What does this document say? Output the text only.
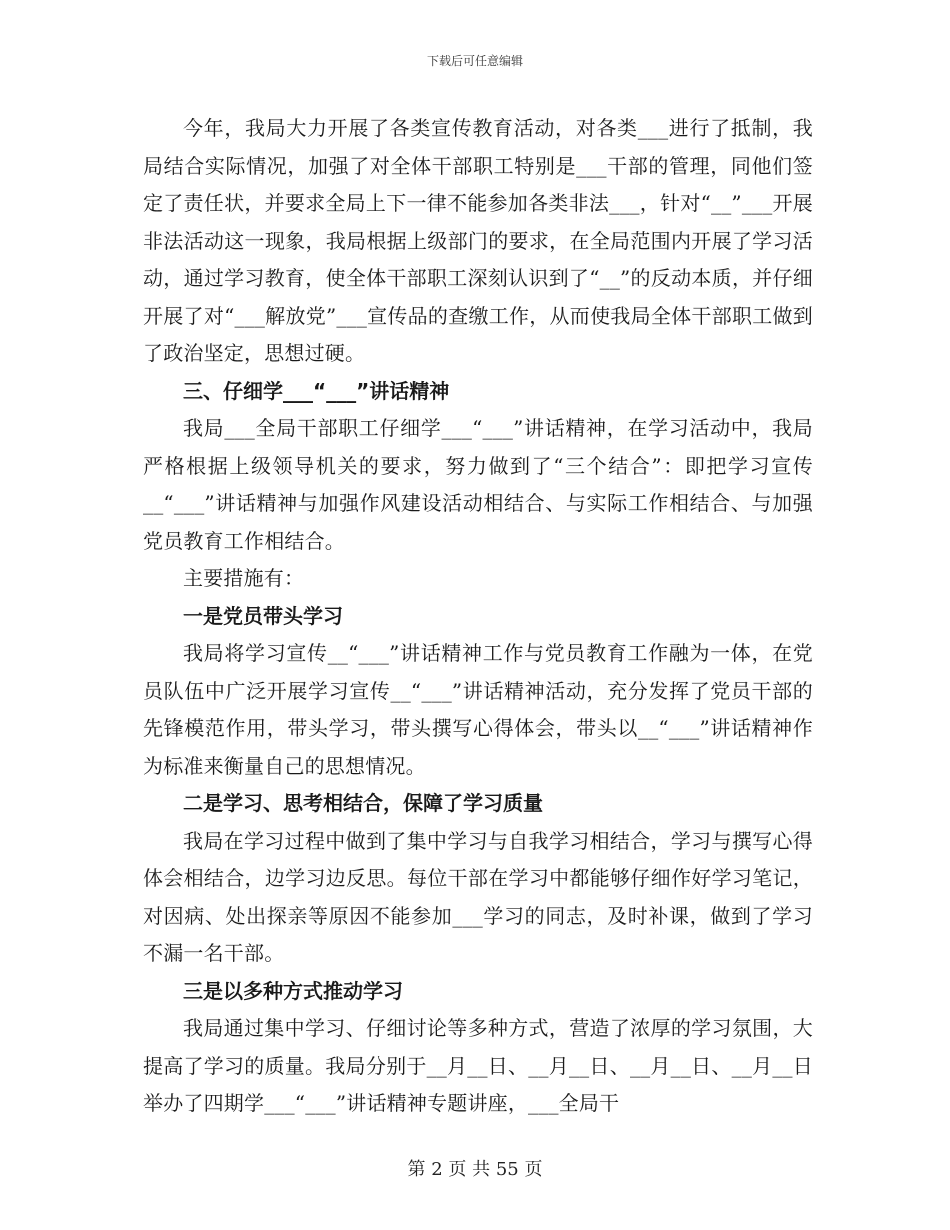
下载后可任意编辑

今年，我局大力开展了各类宣传教育活动，对各类___进行了抵制，我局结合实际情况，加强了对全体干部职工特别是___干部的管理，同他们签定了责任状，并要求全局上下一律不能参加各类非法___，针对“__”___开展非法活动这一现象，我局根据上级部门的要求，在全局范围内开展了学习活动，通过学习教育，使全体干部职工深刻认识到了“__”的反动本质，并仔细开展了对“___解放党”___宣传品的查缴工作，从而使我局全体干部职工做到了政治坚定，思想过硬。

三、仔细学___“___”讲话精神

我局___全局干部职工仔细学___“___”讲话精神，在学习活动中，我局严格根据上级领导机关的要求，努力做到了“三个结合”：即把学习宣传__“___”讲话精神与加强作风建设活动相结合、与实际工作相结合、与加强党员教育工作相结合。

主要措施有：

一是党员带头学习

我局将学习宣传__“___”讲话精神工作与党员教育工作融为一体，在党员队伍中广泛开展学习宣传__“___”讲话精神活动，充分发挥了党员干部的先锋模范作用，带头学习，带头撰写心得体会，带头以__“___”讲话精神作为标准来衡量自己的思想情况。

二是学习、思考相结合，保障了学习质量

我局在学习过程中做到了集中学习与自我学习相结合，学习与撰写心得体会相结合，边学习边反思。每位干部在学习中都能够仔细作好学习笔记，对因病、处出探亲等原因不能参加___学习的同志，及时补课，做到了学习不漏一名干部。

三是以多种方式推动学习

我局通过集中学习、仔细讨论等多种方式，营造了浓厚的学习氛围，大提高了学习的质量。我局分别于__月__日、__月__日、__月__日、__月__日举办了四期学___“___”讲话精神专题讲座，___全局干

第 2 页 共 55 页
